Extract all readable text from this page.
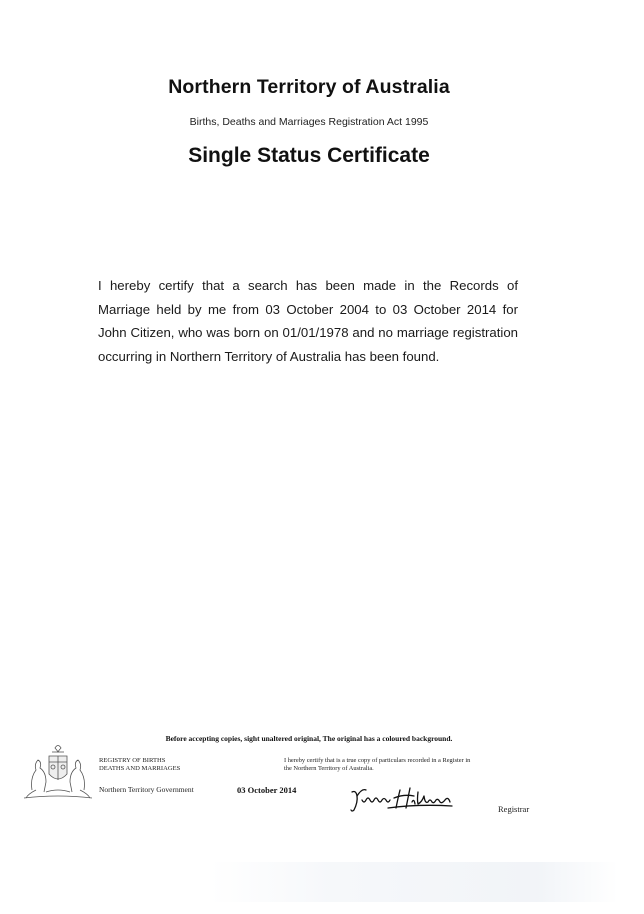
Northern Territory of Australia
Births, Deaths and Marriages Registration Act 1995
Single Status Certificate
I hereby certify that a search has been made in the Records of Marriage held by me from 03 October 2004 to 03 October 2014 for John Citizen, who was born on 01/01/1978 and no marriage registration occurring in Northern Territory of Australia has been found.
Before accepting copies, sight unaltered original, The original has a coloured background.
REGISTRY OF BIRTHS
DEATHS AND MARRIAGES
Northern Territory Government	03 October 2014
I hereby certify that is a true copy of particulars recorded in a Register in the Northern Territory of Australia.
Registrar
